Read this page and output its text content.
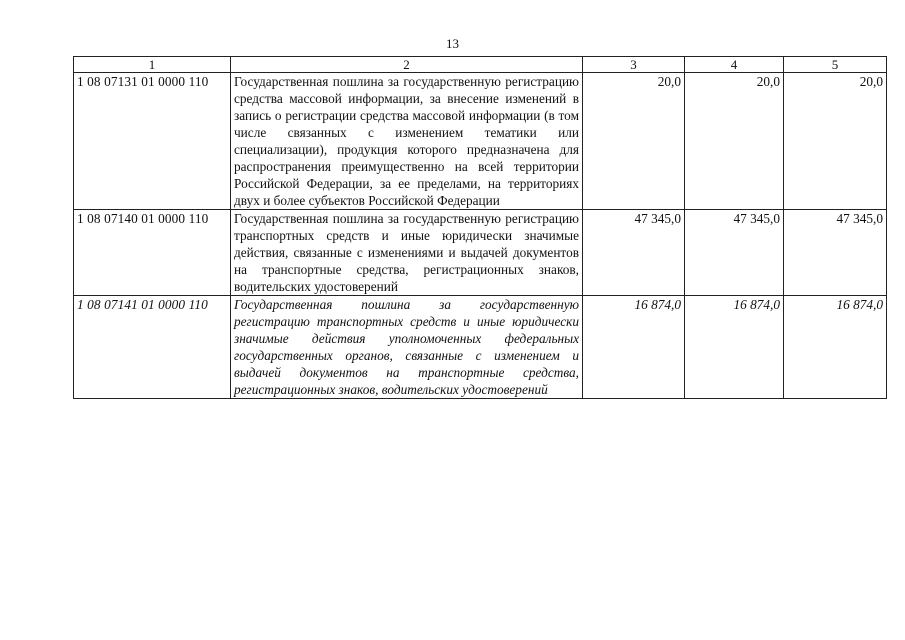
13
1	2	3	4	5
1 08 07131 01 0000 110	Государственная пошлина за государственную регистрацию средства массовой информации, за внесение изменений в запись о регистрации средства массовой информации (в том числе связанных с изменением тематики или специализации), продукция которого предназначена для распространения преимущественно на всей территории Российской Федерации, за ее пределами, на территориях двух и более субъектов Российской Федерации	20,0	20,0	20,0
1 08 07140 01 0000 110	Государственная пошлина за государственную регистрацию транспортных средств и иные юридически значимые действия, связанные с изменениями и выдачей документов на транспортные средства, регистрационных знаков, водительских удостоверений	47 345,0	47 345,0	47 345,0
1 08 07141 01 0000 110	Государственная пошлина за государственную регистрацию транспортных средств и иные юридически значимые действия уполномоченных федеральных государственных органов, связанные с изменением и выдачей документов на транспортные средства, регистрационных знаков, водительских удостоверений	16 874,0	16 874,0	16 874,0
